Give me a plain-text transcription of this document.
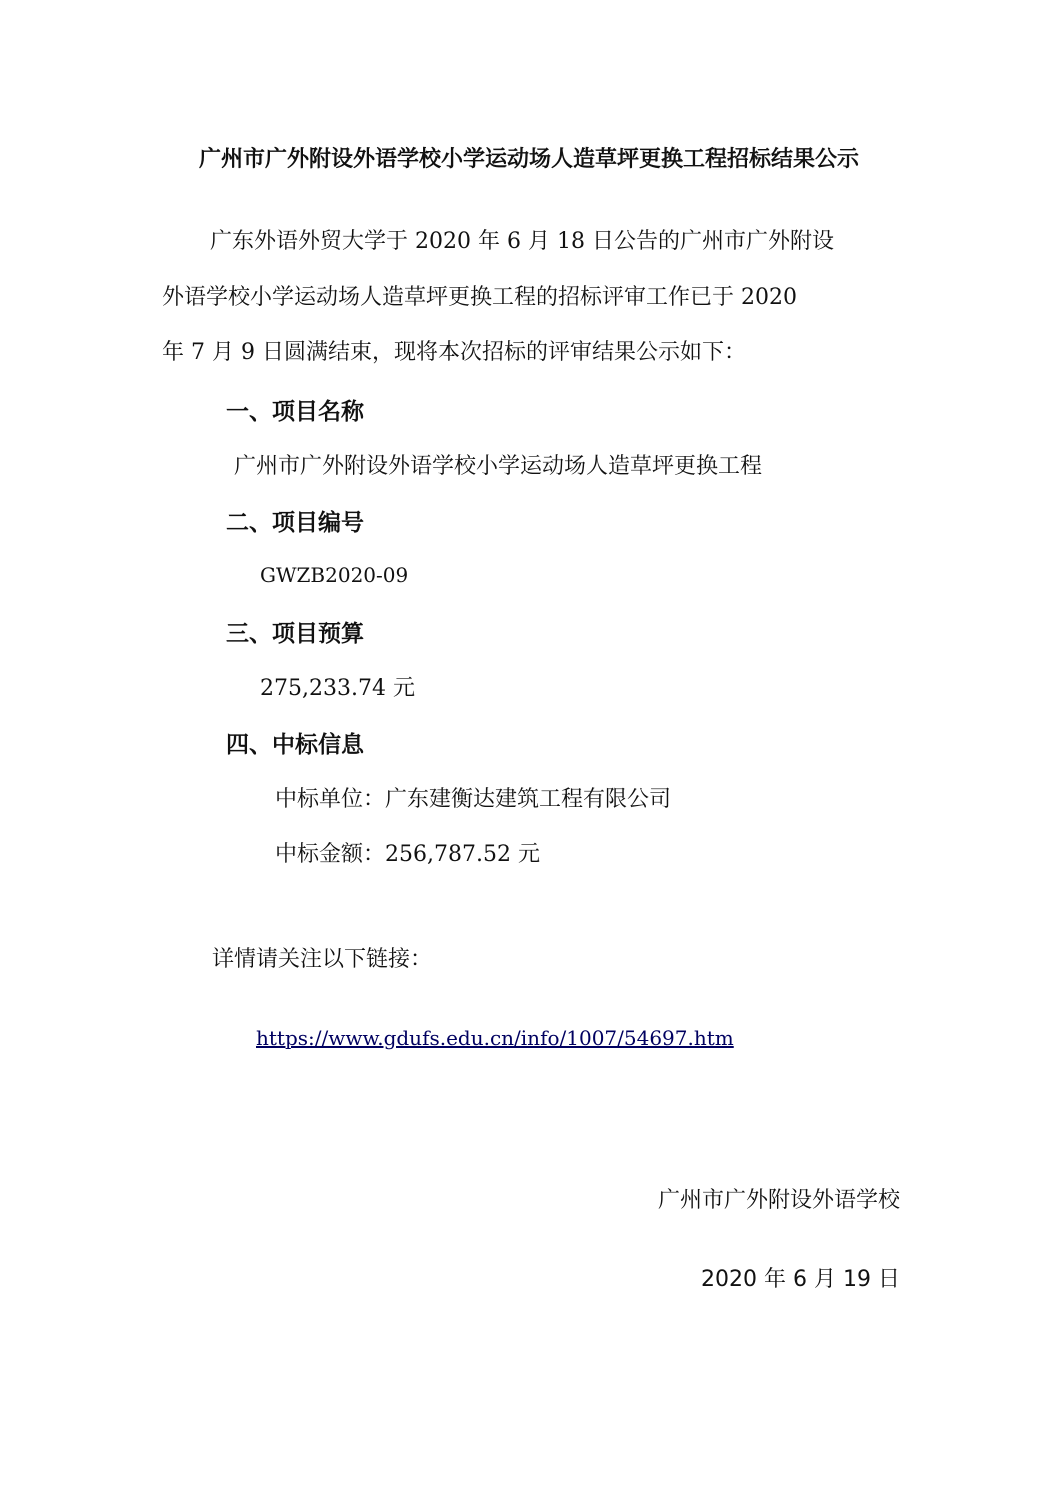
广州市广外附设外语学校小学运动场人造草坪更换工程招标结果公示
广东外语外贸大学于 2020 年 6 月 18 日公告的广州市广外附设
外语学校小学运动场人造草坪更换工程的招标评审工作已于 2020
年 7 月 9 日圆满结束，现将本次招标的评审结果公示如下：
一、项目名称
广州市广外附设外语学校小学运动场人造草坪更换工程
二、项目编号
GWZB2020-09
三、项目预算
275,233.74 元
四、中标信息
中标单位：广东建衡达建筑工程有限公司
中标金额：256,787.52 元
详情请关注以下链接：
https://www.gdufs.edu.cn/info/1007/54697.htm
广州市广外附设外语学校
2020 年 6 月 19 日
